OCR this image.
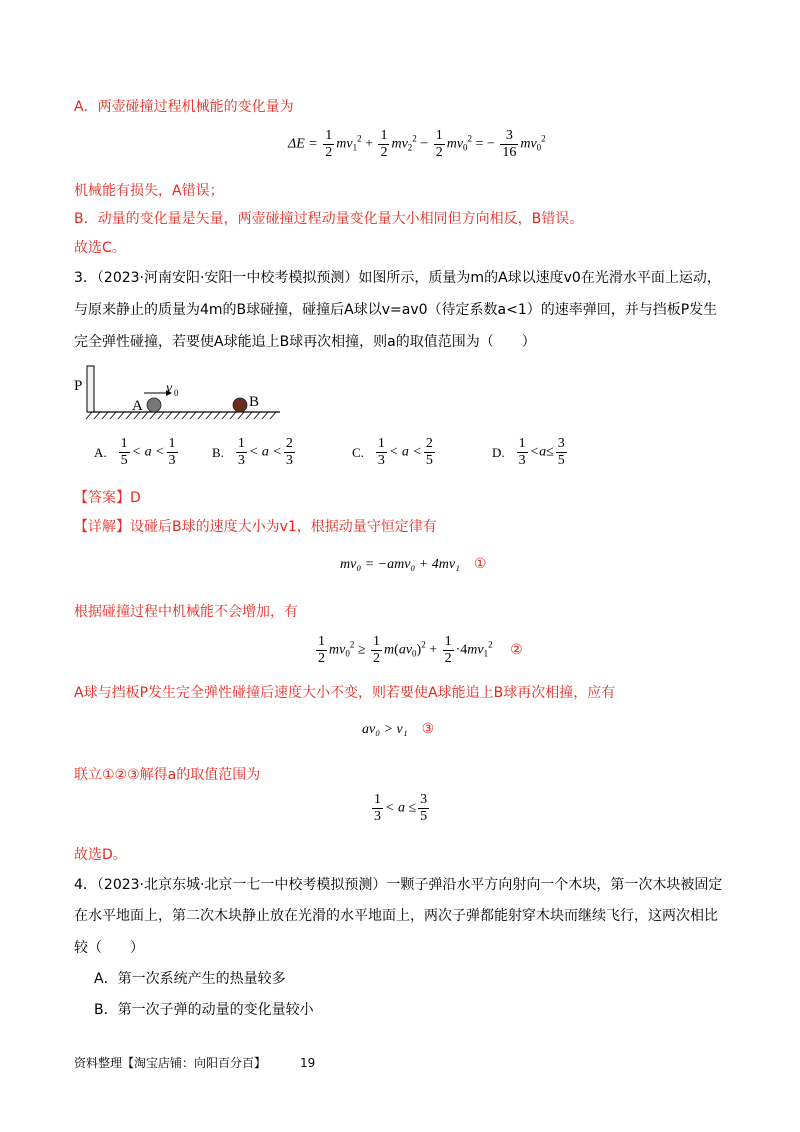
A．两壶碰撞过程机械能的变化量为
$\Delta E = \frac{1}{2} mv_1^2 + \frac{1}{2} mv_2^2 - \frac{1}{2} mv_0^2$ = − $\frac{3}{16} mv_0^2$
机械能有损失，A错误；
B．动量的变化量是矢量，两壶碰撞过程动量变化量大小相同但方向相反，B错误。
故选C。
3．（2023·河南安阳·安阳一中校考模拟预测）如图所示，质量为m的A球以速度v0在光滑水平面上运动，
与原来静止的质量为4m的B球碰撞，碰撞后A球以v=av0（待定系数a<1）的速率弹回，并与挡板P发生
完全弹性碰撞，若要使A球能追上B球再次相撞，则a的取值范围为（　　）
P
A	B
v 0
A. $\frac{1}{5} < a < \frac{1}{3}$	B. $\frac{1}{3} < a < \frac{2}{3}$	C. $\frac{1}{3} < a < \frac{2}{5}$	D. $\frac{1}{3} <a\le \frac{3}{5}$
【答案】D
【详解】设碰后B球的速度大小为v1，根据动量守恒定律有
mv₀ = −amv₀ + 4mv₁ ①
根据碰撞过程中机械能不会增加，有
$\frac{1}{2} mv_0^2 \ge \frac{1}{2} m(av_0)^2 + \frac{1}{2} \cdot 4mv_1^2$ ②
A球与挡板P发生完全弹性碰撞后速度大小不变，则若要使A球能追上B球再次相撞，应有
av₀ > v₁ ③
联立①②③解得a的取值范围为
$\frac{1}{3} < a \le \frac{3}{5}$
故选D。
4．（2023·北京东城·北京一七一中校考模拟预测）一颗子弹沿水平方向射向一个木块，第一次木块被固定
在水平地面上，第二次木块静止放在光滑的水平地面上，两次子弹都能射穿木块而继续飞行，这两次相比
较（　　）
A．第一次系统产生的热量较多
B．第一次子弹的动量的变化量较小
资料整理【淘宝店铺：向阳百分百】	19
